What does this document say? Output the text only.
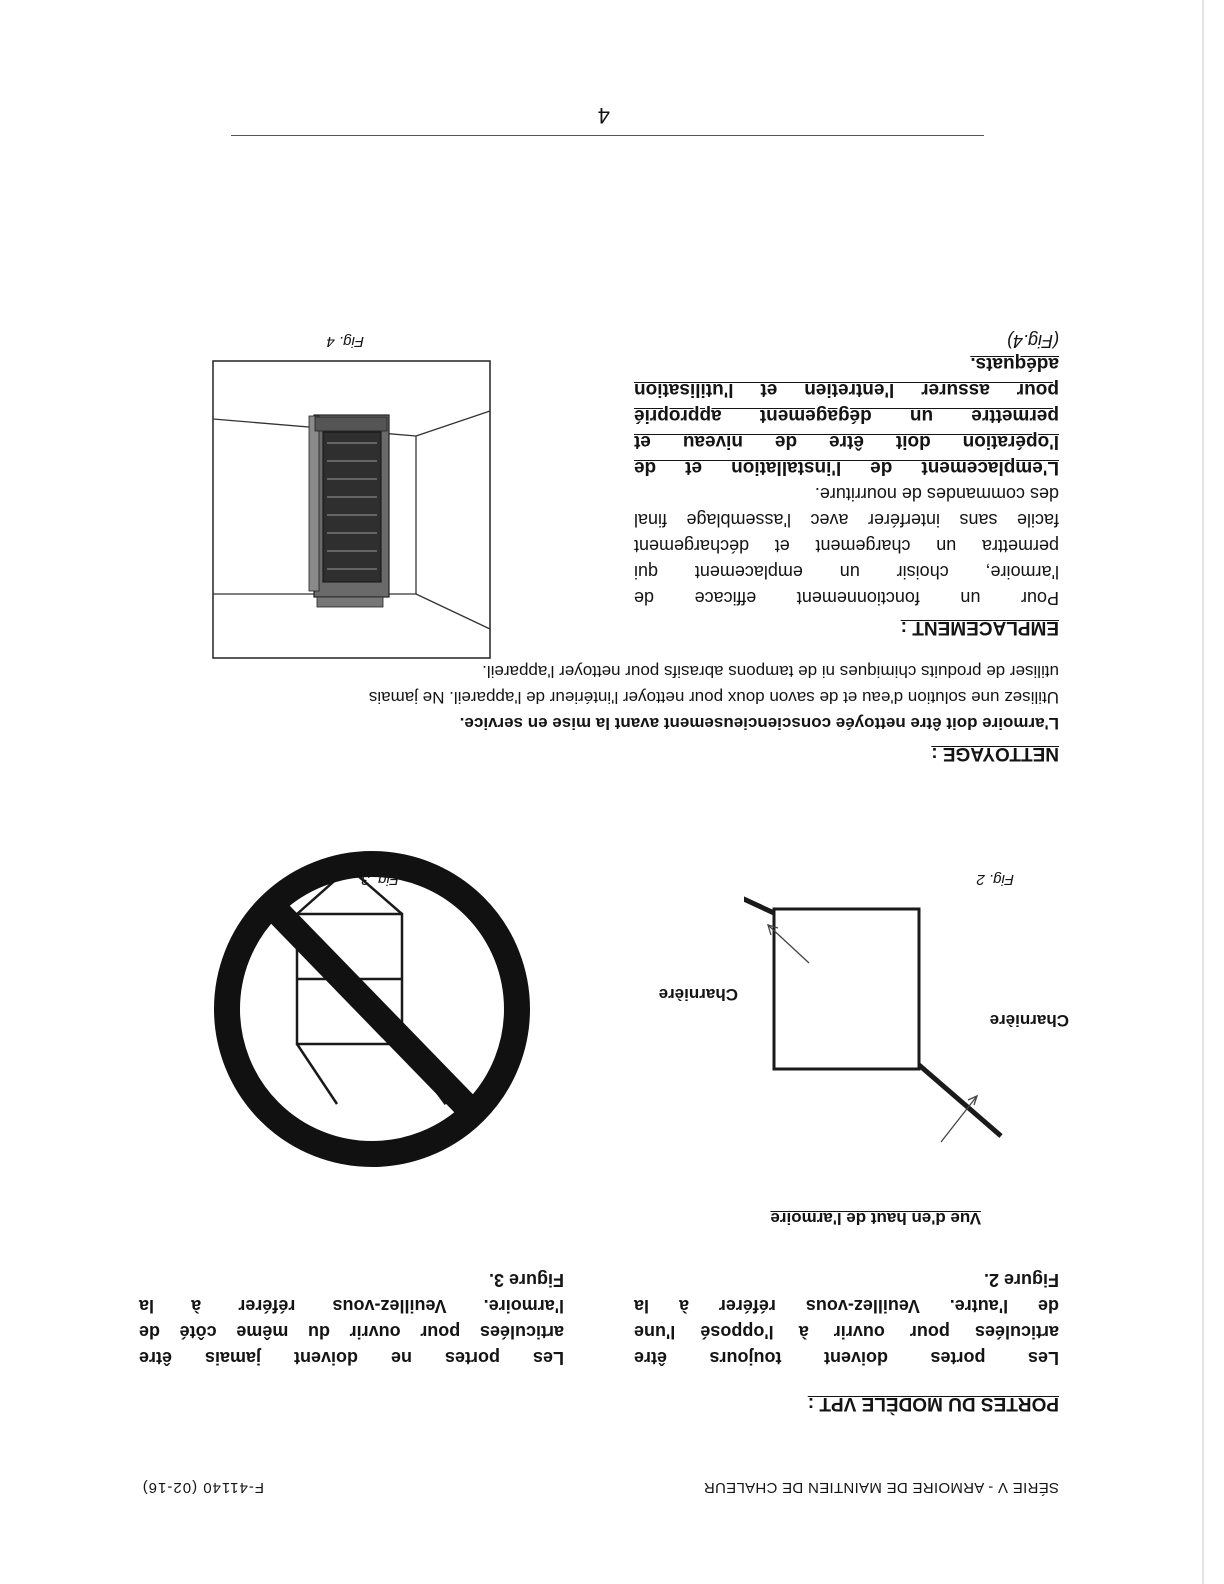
SÉRIE V - ARMOIRE DE MAINTIEN DE CHALEUR
F-41140 (02-16)
PORTES DU MODÈLE VPT :
Les portes doivent toujours être
articulées pour ouvrir à l'opposé l'une
de l'autre. Veuillez-vous référer à la
Figure 2.
Les portes ne doivent jamais être
articulées pour ouvrir du même côté de
l'armoire. Veuillez-vous référer à la
Figure 3.
Vue d'en haut de l'armoire
Charnière
Charnière
Fig. 2
Fig. 3
NETTOYAGE :
L'armoire doit être nettoyée consciencieusement avant la mise en service.
Utilisez une solution d'eau et de savon doux pour nettoyer l'intérieur de l'appareil. Ne jamais
utiliser de produits chimiques ni de tampons abrasifs pour nettoyer l'appareil.
EMPLACEMENT :
Pour un fonctionnement efficace de
l'armoire, choisir un emplacement qui
permettra un chargement et déchargement
facile sans interférer avec l'assemblage final
des commandes de nourriture.
L'emplacement de l'installation et de
l'opération doit être de niveau et
permettre un dégagement approprié
pour assurer l'entretien et l'utilisation
adéquats.
(Fig.4)
Fig. 4
4
